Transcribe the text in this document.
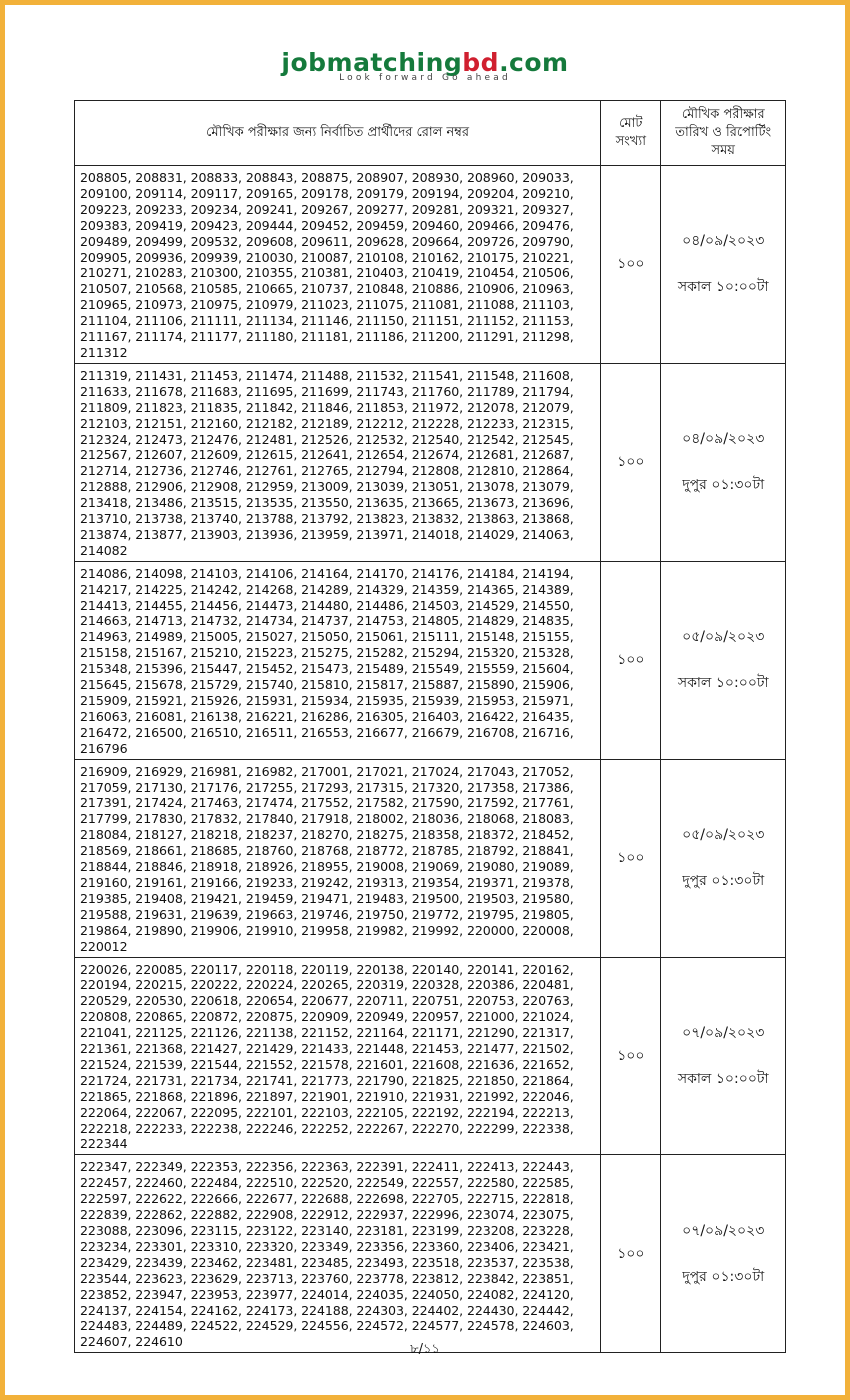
jobmatchingbd.com
Look forward Go ahead
মৌখিক পরীক্ষার জন্য নির্বাচিত প্রার্থীদের রোল নম্বর	মোট সংখ্যা	মৌখিক পরীক্ষার তারিখ ও রিপোর্টিং সময়
208805, 208831, 208833, 208843, 208875, 208907, 208930, 208960, 209033, 209100, 209114, 209117, 209165, 209178, 209179, 209194, 209204, 209210, 209223, 209233, 209234, 209241, 209267, 209277, 209281, 209321, 209327, 209383, 209419, 209423, 209444, 209452, 209459, 209460, 209466, 209476, 209489, 209499, 209532, 209608, 209611, 209628, 209664, 209726, 209790, 209905, 209936, 209939, 210030, 210087, 210108, 210162, 210175, 210221, 210271, 210283, 210300, 210355, 210381, 210403, 210419, 210454, 210506, 210507, 210568, 210585, 210665, 210737, 210848, 210886, 210906, 210963, 210965, 210973, 210975, 210979, 211023, 211075, 211081, 211088, 211103, 211104, 211106, 211111, 211134, 211146, 211150, 211151, 211152, 211153, 211167, 211174, 211177, 211180, 211181, 211186, 211200, 211291, 211298, 211312	১০০	০৪/০৯/২০২৩
সকাল ১০:০০টা

211319, 211431, 211453, 211474, 211488, 211532, 211541, 211548, 211608, 211633, 211678, 211683, 211695, 211699, 211743, 211760, 211789, 211794, 211809, 211823, 211835, 211842, 211846, 211853, 211972, 212078, 212079, 212103, 212151, 212160, 212182, 212189, 212212, 212228, 212233, 212315, 212324, 212473, 212476, 212481, 212526, 212532, 212540, 212542, 212545, 212567, 212607, 212609, 212615, 212641, 212654, 212674, 212681, 212687, 212714, 212736, 212746, 212761, 212765, 212794, 212808, 212810, 212864, 212888, 212906, 212908, 212959, 213009, 213039, 213051, 213078, 213079, 213418, 213486, 213515, 213535, 213550, 213635, 213665, 213673, 213696, 213710, 213738, 213740, 213788, 213792, 213823, 213832, 213863, 213868, 213874, 213877, 213903, 213936, 213959, 213971, 214018, 214029, 214063, 214082	১০০	০৪/০৯/২০২৩
দুপুর ০১:৩০টা

214086, 214098, 214103, 214106, 214164, 214170, 214176, 214184, 214194, 214217, 214225, 214242, 214268, 214289, 214329, 214359, 214365, 214389, 214413, 214455, 214456, 214473, 214480, 214486, 214503, 214529, 214550, 214663, 214713, 214732, 214734, 214737, 214753, 214805, 214829, 214835, 214963, 214989, 215005, 215027, 215050, 215061, 215111, 215148, 215155, 215158, 215167, 215210, 215223, 215275, 215282, 215294, 215320, 215328, 215348, 215396, 215447, 215452, 215473, 215489, 215549, 215559, 215604, 215645, 215678, 215729, 215740, 215810, 215817, 215887, 215890, 215906, 215909, 215921, 215926, 215931, 215934, 215935, 215939, 215953, 215971, 216063, 216081, 216138, 216221, 216286, 216305, 216403, 216422, 216435, 216472, 216500, 216510, 216511, 216553, 216677, 216679, 216708, 216716, 216796	১০০	০৫/০৯/২০২৩
সকাল ১০:০০টা

216909, 216929, 216981, 216982, 217001, 217021, 217024, 217043, 217052, 217059, 217130, 217176, 217255, 217293, 217315, 217320, 217358, 217386, 217391, 217424, 217463, 217474, 217552, 217582, 217590, 217592, 217761, 217799, 217830, 217832, 217840, 217918, 218002, 218036, 218068, 218083, 218084, 218127, 218218, 218237, 218270, 218275, 218358, 218372, 218452, 218569, 218661, 218685, 218760, 218768, 218772, 218785, 218792, 218841, 218844, 218846, 218918, 218926, 218955, 219008, 219069, 219080, 219089, 219160, 219161, 219166, 219233, 219242, 219313, 219354, 219371, 219378, 219385, 219408, 219421, 219459, 219471, 219483, 219500, 219503, 219580, 219588, 219631, 219639, 219663, 219746, 219750, 219772, 219795, 219805, 219864, 219890, 219906, 219910, 219958, 219982, 219992, 220000, 220008, 220012	১০০	০৫/০৯/২০২৩
দুপুর ০১:৩০টা

220026, 220085, 220117, 220118, 220119, 220138, 220140, 220141, 220162, 220194, 220215, 220222, 220224, 220265, 220319, 220328, 220386, 220481, 220529, 220530, 220618, 220654, 220677, 220711, 220751, 220753, 220763, 220808, 220865, 220872, 220875, 220909, 220949, 220957, 221000, 221024, 221041, 221125, 221126, 221138, 221152, 221164, 221171, 221290, 221317, 221361, 221368, 221427, 221429, 221433, 221448, 221453, 221477, 221502, 221524, 221539, 221544, 221552, 221578, 221601, 221608, 221636, 221652, 221724, 221731, 221734, 221741, 221773, 221790, 221825, 221850, 221864, 221865, 221868, 221896, 221897, 221901, 221910, 221931, 221992, 222046, 222064, 222067, 222095, 222101, 222103, 222105, 222192, 222194, 222213, 222218, 222233, 222238, 222246, 222252, 222267, 222270, 222299, 222338, 222344	১০০	০৭/০৯/২০২৩
সকাল ১০:০০টা

222347, 222349, 222353, 222356, 222363, 222391, 222411, 222413, 222443, 222457, 222460, 222484, 222510, 222520, 222549, 222557, 222580, 222585, 222597, 222622, 222666, 222677, 222688, 222698, 222705, 222715, 222818, 222839, 222862, 222882, 222908, 222912, 222937, 222996, 223074, 223075, 223088, 223096, 223115, 223122, 223140, 223181, 223199, 223208, 223228, 223234, 223301, 223310, 223320, 223349, 223356, 223360, 223406, 223421, 223429, 223439, 223462, 223481, 223485, 223493, 223518, 223537, 223538, 223544, 223623, 223629, 223713, 223760, 223778, 223812, 223842, 223851, 223852, 223947, 223953, 223977, 224014, 224035, 224050, 224082, 224120, 224137, 224154, 224162, 224173, 224188, 224303, 224402, 224430, 224442, 224483, 224489, 224522, 224529, 224556, 224572, 224577, 224578, 224603, 224607, 224610	১০০	০৭/০৯/২০২৩
দুপুর ০১:৩০টা
৮/১১
